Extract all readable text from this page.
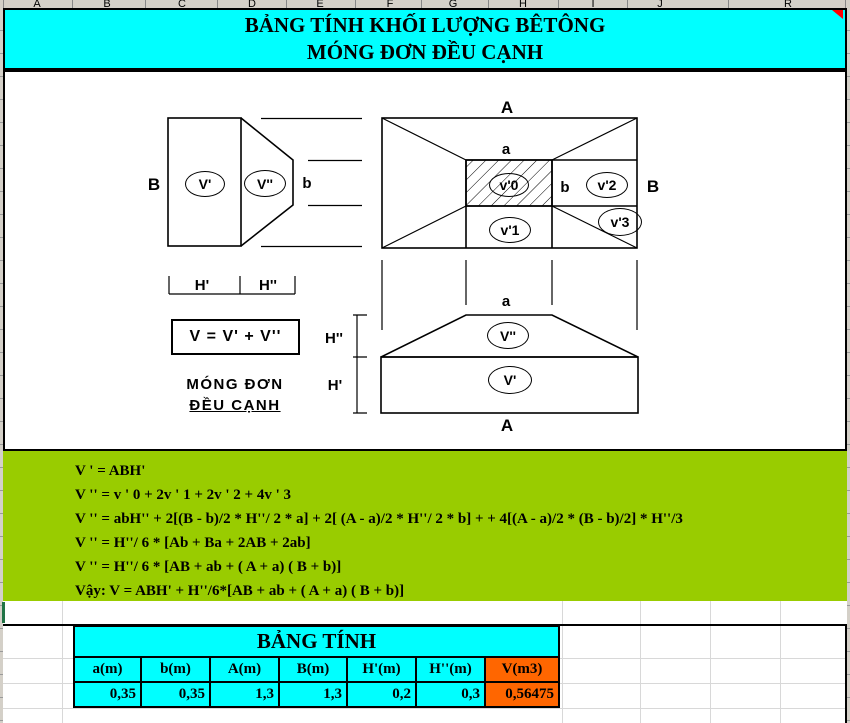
A	B	C	D	E	F	G	H	I	J	R
BẢNG TÍNH KHỐI LƯỢNG BÊTÔNG
MÓNG ĐƠN ĐỀU CẠNH
B	V'	V'' b
A
a
b	B
v'0
v'1
v'2
v'3
H'	H''
V = V' + V''
MÓNG ĐƠN
ĐỀU CẠNH
H''
H'
a
V''
V'
A
V ' = ABH'
V '' = v ' 0 + 2v ' 1 + 2v ' 2 + 4v ' 3
V '' = abH'' + 2[(B - b)/2 * H''/ 2 * a] + 2[ (A - a)/2 * H''/ 2 * b] + + 4[(A - a)/2 * (B - b)/2] * H''/3
V '' = H''/ 6 * [Ab + Ba + 2AB + 2ab]
V '' = H''/ 6 * [AB + ab + ( A + a) ( B + b)]
Vậy: V = ABH' + H''/6*[AB + ab + ( A + a) ( B + b)]
BẢNG TÍNH
a(m)	b(m)	A(m)	B(m)	H'(m)	H''(m)	V(m3)
0,35	0,35	1,3	1,3	0,2	0,3	0,56475
